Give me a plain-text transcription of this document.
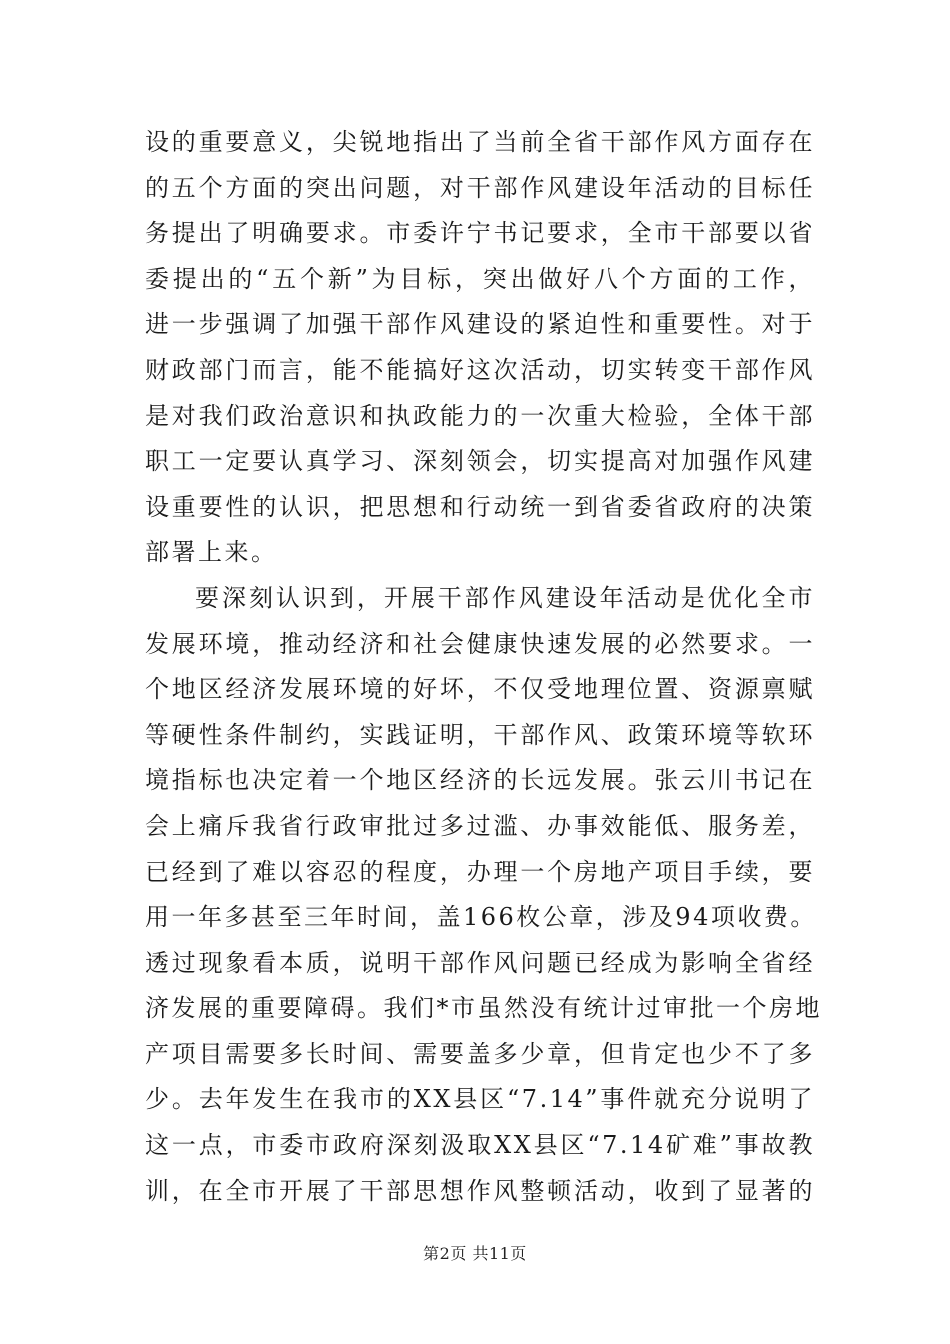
设的重要意义，尖锐地指出了当前全省干部作风方面存在
的五个方面的突出问题，对干部作风建设年活动的目标任
务提出了明确要求。市委许宁书记要求，全市干部要以省
委提出的“五个新”为目标，突出做好八个方面的工作，
进一步强调了加强干部作风建设的紧迫性和重要性。对于
财政部门而言，能不能搞好这次活动，切实转变干部作风
是对我们政治意识和执政能力的一次重大检验，全体干部
职工一定要认真学习、深刻领会，切实提高对加强作风建
设重要性的认识，把思想和行动统一到省委省政府的决策
部署上来。
要深刻认识到，开展干部作风建设年活动是优化全市
发展环境，推动经济和社会健康快速发展的必然要求。一
个地区经济发展环境的好坏，不仅受地理位置、资源禀赋
等硬性条件制约，实践证明，干部作风、政策环境等软环
境指标也决定着一个地区经济的长远发展。张云川书记在
会上痛斥我省行政审批过多过滥、办事效能低、服务差，
已经到了难以容忍的程度，办理一个房地产项目手续，要
用一年多甚至三年时间，盖166枚公章，涉及94项收费。
透过现象看本质，说明干部作风问题已经成为影响全省经
济发展的重要障碍。我们*市虽然没有统计过审批一个房地
产项目需要多长时间、需要盖多少章，但肯定也少不了多
少。去年发生在我市的XX县区“7.14”事件就充分说明了
这一点，市委市政府深刻汲取XX县区“7.14矿难”事故教
训，在全市开展了干部思想作风整顿活动，收到了显著的
第2页 共11页
